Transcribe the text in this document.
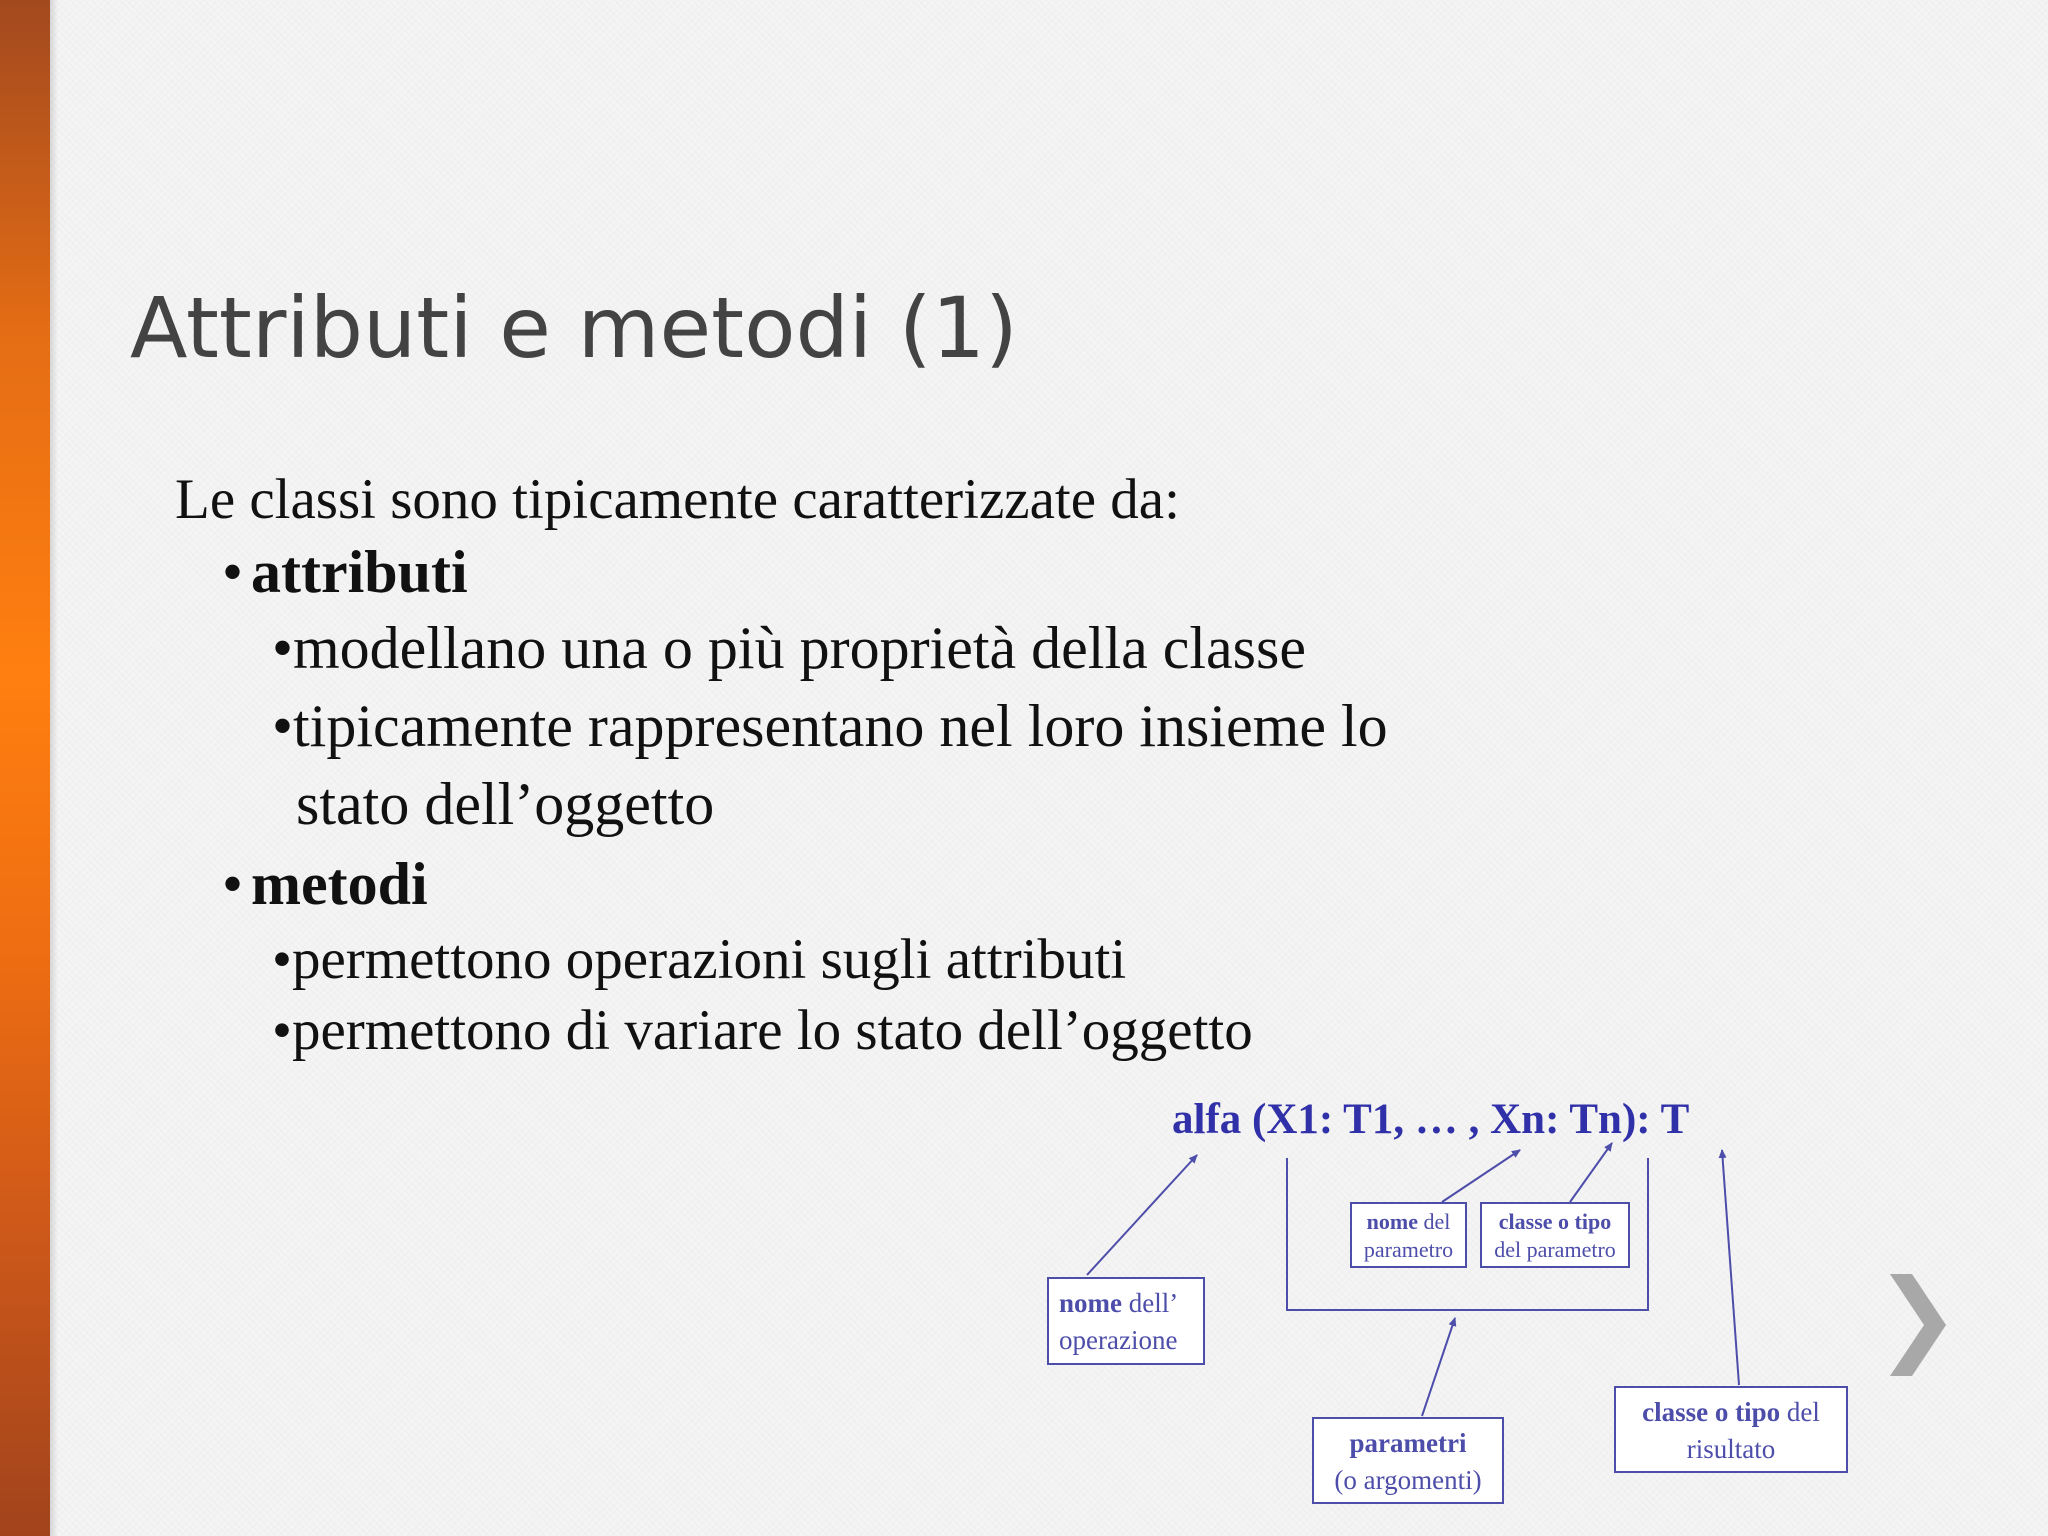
Attributi e metodi (1)
Le classi sono tipicamente caratterizzate da:
• attributi
•modellano una o più proprietà della classe
•tipicamente rappresentano nel loro insieme lo
stato dell’oggetto
• metodi
•permettono operazioni sugli attributi
•permettono di variare lo stato dell’oggetto
alfa (X1: T1, … , Xn: Tn): T
nome dell’
operazione
nome del
parametro
classe o tipo
del parametro
parametri
(o argomenti)
classe o tipo del
risultato
